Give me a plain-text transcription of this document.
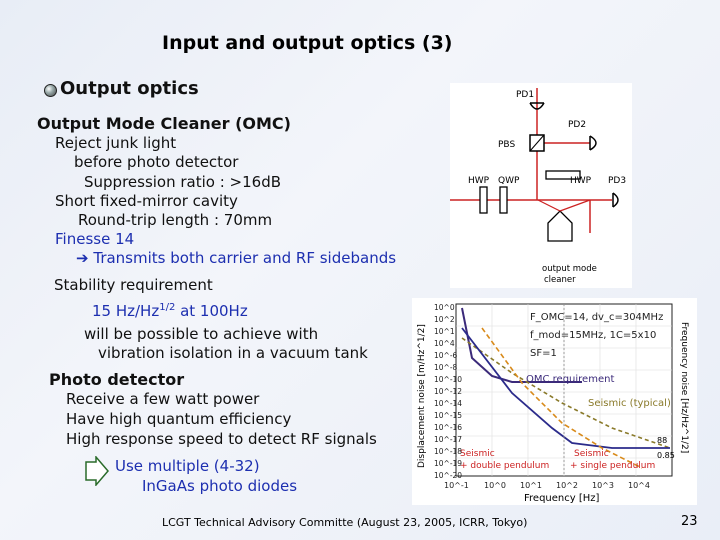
Input and output optics (3)
Output optics
Output Mode Cleaner (OMC)
Reject junk light
before photo detector
Suppression ratio : >16dB
Short fixed-mirror cavity
Round-trip length : 70mm
Finesse 14
➔ Transmits both carrier and RF sidebands
Stability requirement
15 $Hz/Hz^{1/2}$ at 100Hz
will be possible to achieve with
vibration isolation in a vacuum tank
Photo detector
Receive a few watt power
Have high quantum efficiency
High response speed to detect RF signals
Use multiple (4-32)
InGaAs photo diodes
PD1
PBS
PD2
HWP
HWP QWP
output mode
cleaner
PD3
F_OMC=14, dv_c=304MHz
f_mod=15MHz, 1C=5x10
SF=1
OMC requirement
Seismic (typical)
Seismic
+ double pendulum
Seismic
+ single pendulum
88
0.85
10^0
10^2
10^1
10^4
10^-6
10^-8
10^-10
10^-12
10^-14
10^-15
10^-16
10^-17
10^-18
10^-19
10^-20
10^-1 10^0 10^1 10^2 10^3 10^4
Frequency [Hz]
Displacement noise [m/Hz^1/2]	Frequency noise [Hz/Hz^1/2]
LCGT Technical Advisory Committe (August 23, 2005, ICRR, Tokyo)	23
